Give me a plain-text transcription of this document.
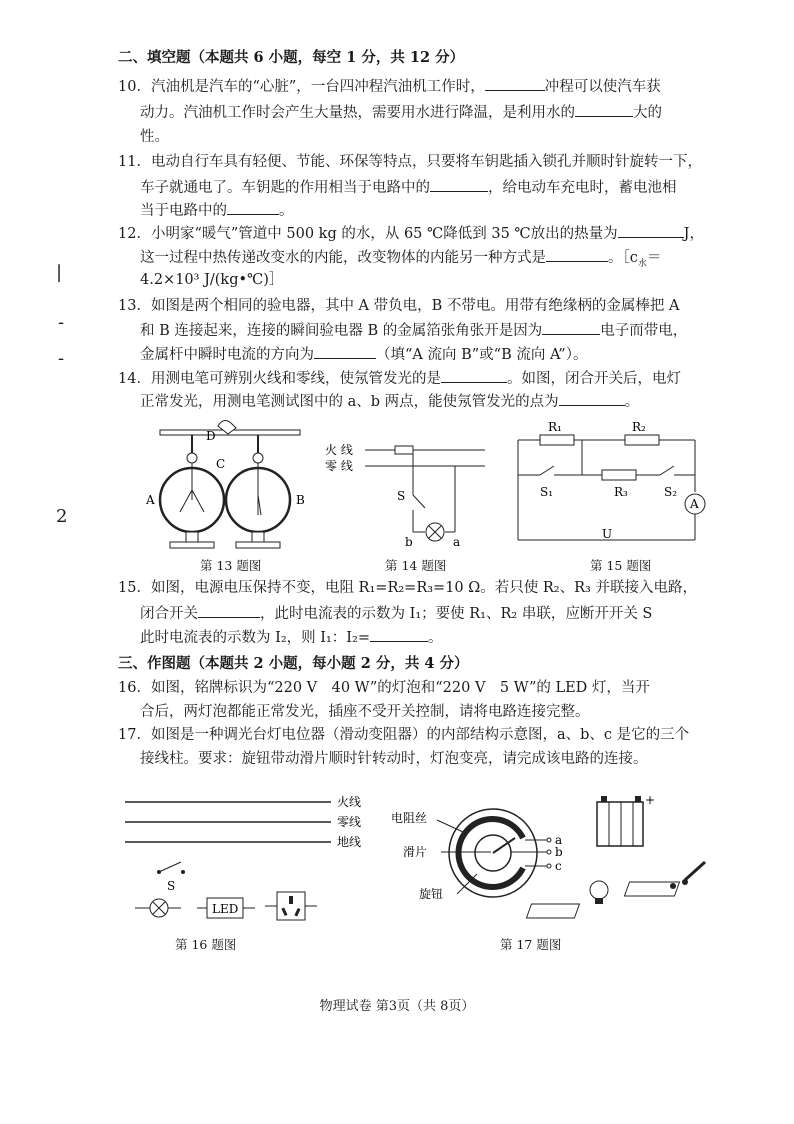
二、填空题（本题共 6 小题，每空 1 分，共 12 分）
10．汽油机是汽车的“心脏”，一台四冲程汽油机工作时，	冲程可以使汽车获
动力。汽油机工作时会产生大量热，需要用水进行降温，是利用水的	大的
性。
11．电动自行车具有轻便、节能、环保等特点，只要将车钥匙插入锁孔并顺时针旋转一下，
车子就通电了。车钥匙的作用相当于电路中的	，给电动车充电时，蓄电池相
当于电路中的	。
12．小明家“暖气”管道中 500 kg 的水，从 65 ℃降低到 35 ℃放出的热量为	J，
这一过程中热传递改变水的内能，改变物体的内能另一种方式是	。$[c_水=$
4.2×10³ J/(kg•℃)］
13．如图是两个相同的验电器，其中 A 带负电，B 不带电。用带有绝缘柄的金属棒把 A
和 B 连接起来，连接的瞬间验电器 B 的金属箔张角张开是因为	电子而带电，
金属杆中瞬时电流的方向为	（填“A 流向 B”或“B 流向 A”）。
14．用测电笔可辨别火线和零线，使氖管发光的是	。如图，闭合开关后，电灯
正常发光，用测电笔测试图中的 a、b 两点，能使氖管发光的点为	。
|
-
-
2
D
C
A	B
第 13 题图
火 线
零 线
S
b	a
第 14 题图
R₁	R₂
R₃
S₁	S₂
A
U
第 15 题图
15．如图，电源电压保持不变，电阻 R₁=R₂=R₃=10 Ω。若只使 R₂、R₃ 并联接入电路，
闭合开关	，此时电流表的示数为 I₁；要使 R₁、R₂ 串联，应断开开关 S
此时电流表的示数为 I₂，则 I₁：I₂=	。
三、作图题（本题共 2 小题，每小题 2 分，共 4 分）
16．如图，铭牌标识为“220 V　40 W”的灯泡和“220 V　5 W”的 LED 灯，当开
合后，两灯泡都能正常发光，插座不受开关控制，请将电路连接完整。
17．如图是一种调光台灯电位器（滑动变阻器）的内部结构示意图，a、b、c 是它的三个
接线柱。要求：旋钮带动滑片顺时针转动时，灯泡变亮，请完成该电路的连接。
火线
零线
地线
S
LED
第 16 题图
电阻丝
滑片
旋钮
a
b
c
+
第 17 题图
物理试卷 第3页（共 8页）
